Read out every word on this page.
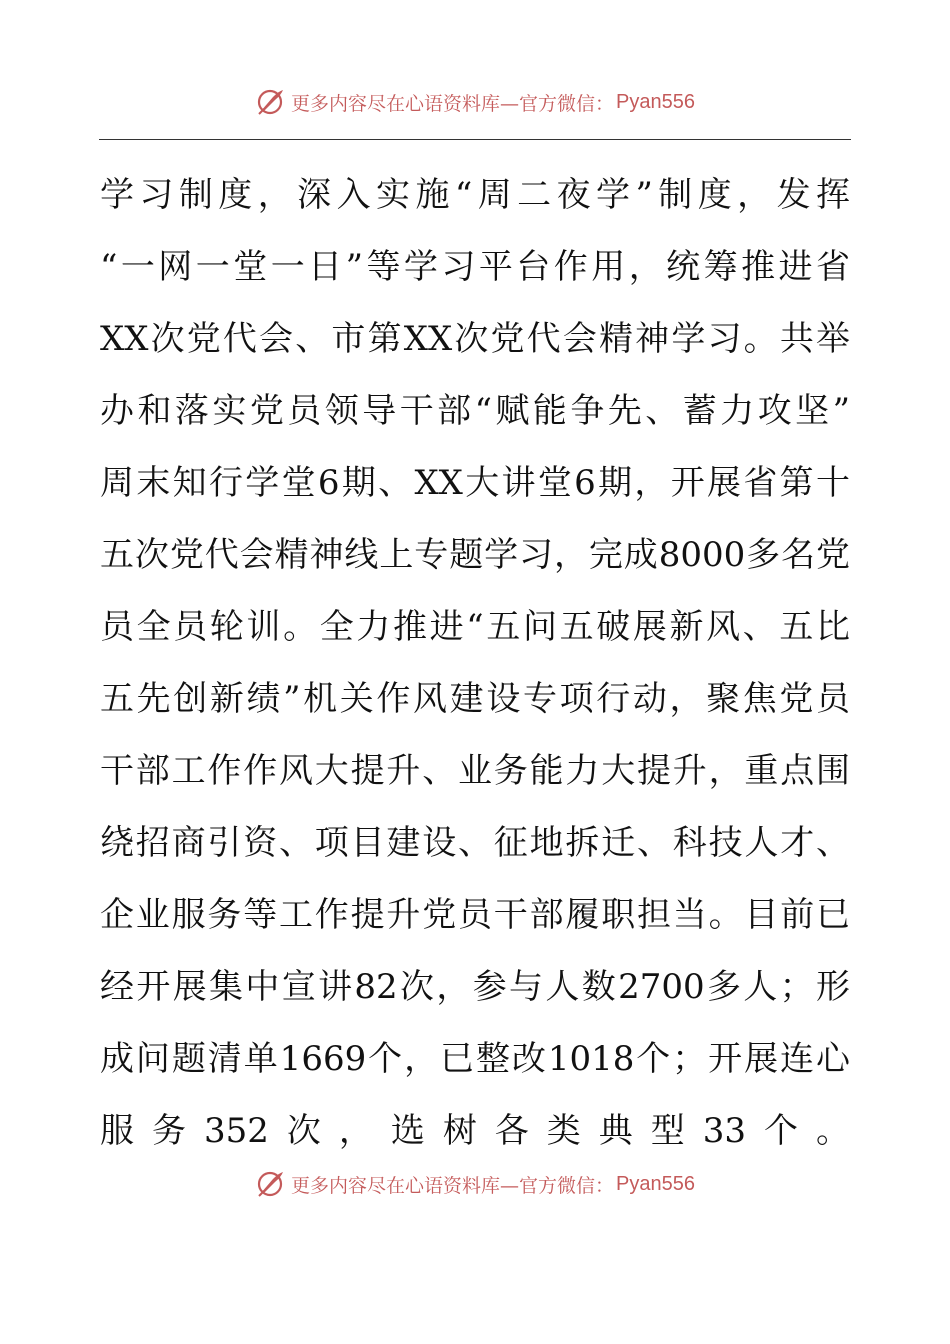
更多内容尽在心语资料库—官方微信： Pyan556
学习制度，深入实施“周二夜学”制度，发挥
“一网一堂一日”等学习平台作用，统筹推进省
XX次党代会、市第XX次党代会精神学习。共举
办和落实党员领导干部“赋能争先、蓄力攻坚”
周末知行学堂6期、XX大讲堂6期，开展省第十
五次党代会精神线上专题学习，完成8000多名党
员全员轮训。全力推进“五问五破展新风、五比
五先创新绩”机关作风建设专项行动，聚焦党员
干部工作作风大提升、业务能力大提升，重点围
绕招商引资、项目建设、征地拆迁、科技人才、
企业服务等工作提升党员干部履职担当。目前已
经开展集中宣讲82次，参与人数2700多人；形
成问题清单1669个，已整改1018个；开展连心
服务352次，选树各类典型33个。
更多内容尽在心语资料库—官方微信： Pyan556
